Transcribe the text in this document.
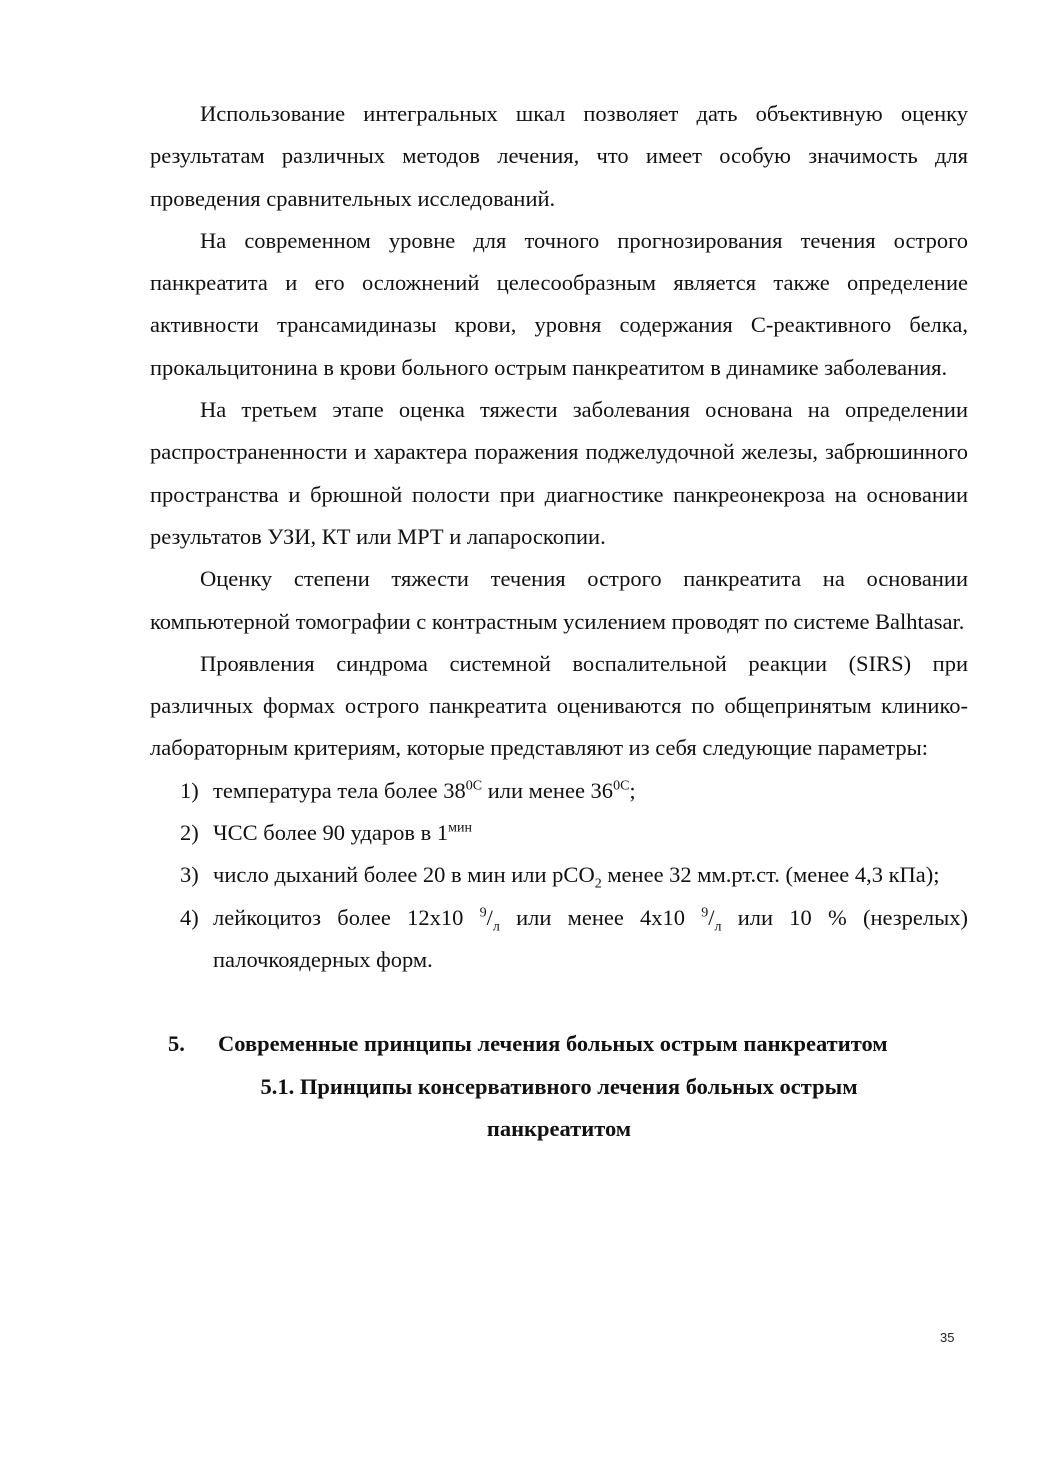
Использование интегральных шкал позволяет дать объективную оценку результатам различных методов лечения, что имеет особую значимость для проведения сравнительных исследований.

На современном уровне для точного прогнозирования течения острого панкреатита и его осложнений целесообразным является также определение активности трансамидиназы крови, уровня содержания С-реактивного белка, прокальцитонина в крови больного острым панкреатитом в динамике заболевания.

На третьем этапе оценка тяжести заболевания основана на определении распространенности и характера поражения поджелудочной железы, забрюшинного пространства и брюшной полости при диагностике панкреонекроза на основании результатов УЗИ, КТ или МРТ и лапароскопии.

Оценку степени тяжести течения острого панкреатита на основании компьютерной томографии с контрастным усилением проводят по системе Balhtasar.

Проявления синдрома системной воспалительной реакции (SIRS) при различных формах острого панкреатита оцениваются по общепринятым клинико-лабораторным критериям, которые представляют из себя следующие параметры:

1) температура тела более $38^{0С}$ или менее $36^{0С}$;
2) ЧСС более 90 ударов в $1^{мин}$
3) число дыханий более 20 в мин или pCO$_2$ менее 32 мм.рт.ст. (менее 4,3 кПа);
4) лейкоцитоз более 12х10 $^9/_л$ или менее 4х10 $^9/_л$ или 10 % (незрелых) палочкоядерных форм.

5. Современные принципы лечения больных острым панкреатитом

5.1. Принципы консервативного лечения больных острым

панкреатитом

35
